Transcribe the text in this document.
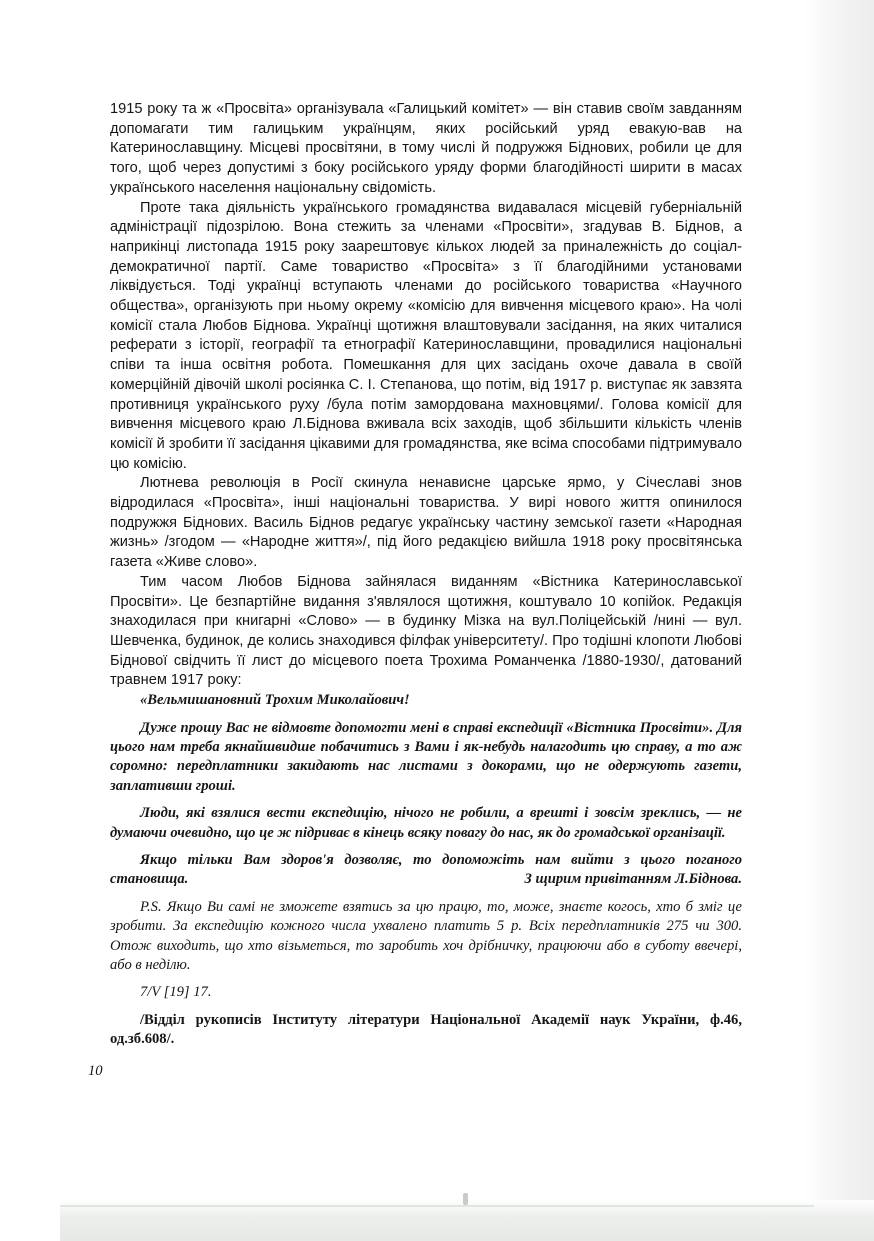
1915 року та ж «Просвіта» організувала «Галицький комітет» — він ставив своїм завданням допомагати тим галицьким українцям, яких російський уряд евакую-вав на Катеринославщину. Місцеві просвітяни, в тому числі й подружжя Біднових, робили це для того, щоб через допустимі з боку російського уряду форми благодійності ширити в масах українського населення національну свідомість.

Проте така діяльність українського громадянства видавалася місцевій губерніальній адміністрації підозрілою. Вона стежить за членами «Просвіти», згадував В. Біднов, а наприкінці листопада 1915 року заарештовує кількох людей за приналежність до соціал-демократичної партії. Саме товариство «Просвіта» з її благодійними установами ліквідується. Тоді українці вступають членами до російського товариства «Научного общества», організують при ньому окрему «комісію для вивчення місцевого краю». На чолі комісії стала Любов Біднова. Українці щотижня влаштовували засідання, на яких читалися реферати з історії, географії та етнографії Катеринославщини, провадилися національні співи та інша освітня робота. Помешкання для цих засідань охоче давала в своїй комерційній дівочій школі росіянка С. І. Степанова, що потім, від 1917 р. виступає як завзята противниця українського руху /була потім замордована махновцями/. Голова комісії для вивчення місцевого краю Л.Біднова вживала всіх заходів, щоб збільшити кількість членів комісії й зробити її засідання цікавими для громадянства, яке всіма способами підтримувало цю комісію.

Лютнева революція в Росії скинула ненависне царське ярмо, у Січеславі знов відродилася «Просвіта», інші національні товариства. У вирі нового життя опинилося подружжя Біднових. Василь Біднов редагує українську частину земської газети «Народная жизнь» /згодом — «Народне життя»/, під його редакцією вийшла 1918 року просвітянська газета «Живе слово».

Тим часом Любов Біднова зайнялася виданням «Вістника Катеринославської Просвіти». Це безпартійне видання з'являлося щотижня, коштувало 10 копійок. Редакція знаходилася при книгарні «Слово» — в будинку Мізка на вул.Поліцейській /нині — вул. Шевченка, будинок, де колись знаходився філфак університету/. Про тодішні клопоти Любові Біднової свідчить її лист до місцевого поета Трохима Романченка /1880-1930/, датований травнем 1917 року:

«Вельмишановний Трохим Миколайович!

Дуже прошу Вас не відмовте допомогти мені в справі експедиції «Вістника Просвіти». Для цього нам треба якнайшвидше побачитись з Вами і як-небудь налагодить цю справу, а то аж соромно: передплатники закидають нас листами з докорами, що не одержують газети, заплативши гроші.

Люди, які взялися вести експедицію, нічого не робили, а врешті і зовсім зреклись, — не думаючи очевидно, що це ж підриває в кінець всяку повагу до нас, як до громадської організації.

Якщо тільки Вам здоров'я дозволяє, то допоможіть нам вийти з цього поганого становища.	З щирим привітанням Л.Біднова.

P.S. Якщо Ви самі не зможете взятись за цю працю, то, може, знаєте когось, хто б зміг це зробити. За експедицію кожного числа ухвалено платить 5 р. Всіх передплатників 275 чи 300. Отож виходить, що хто візьметься, то заробить хоч дрібничку, працюючи або в суботу ввечері, або в неділю.

7/V [19] 17.

/Відділ рукописів Інституту літератури Національної Академії наук України, ф.46, од.зб.608/.

10
